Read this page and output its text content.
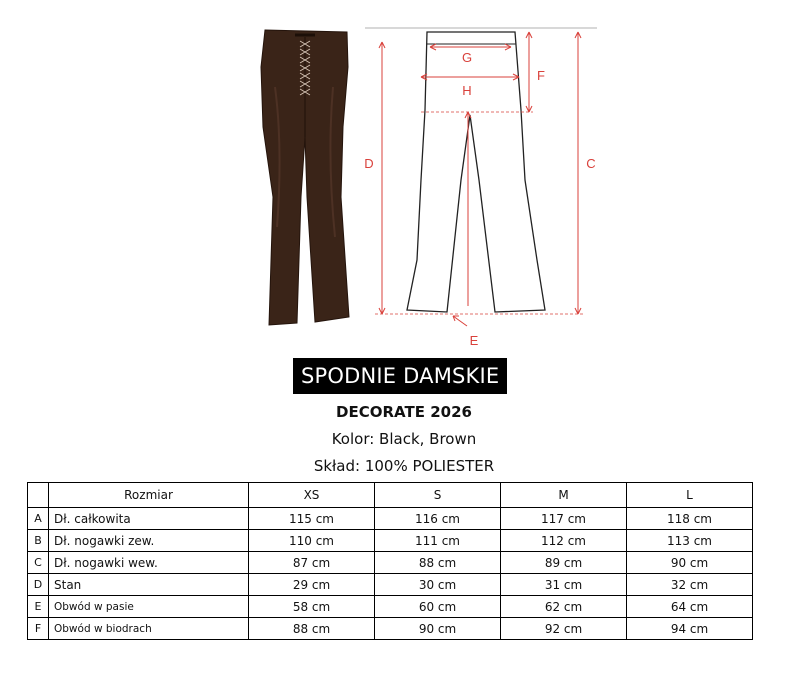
G
H
F
D	C
E
SPODNIE DAMSKIE
DECORATE 2026
Kolor: Black, Brown
Skład: 100% POLIESTER
	Rozmiar	XS	S	M	L
A	Dł. całkowita	115 cm	116 cm	117 cm	118 cm
B	Dł. nogawki zew.	110 cm	111 cm	112 cm	113 cm
C	Dł. nogawki wew.	87 cm	88 cm	89 cm	90 cm
D	Stan	29 cm	30 cm	31 cm	32 cm
E	Obwód w pasie	58 cm	60 cm	62 cm	64 cm
F	Obwód w biodrach	88 cm	90 cm	92 cm	94 cm
